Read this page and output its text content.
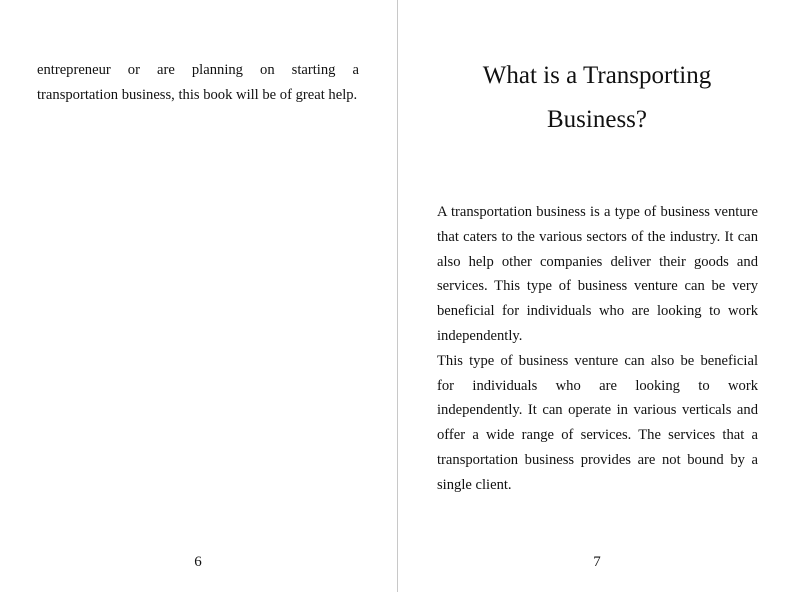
entrepreneur or are planning on starting a transportation business, this book will be of great help.

6
What is a Transporting Business?

A transportation business is a type of business venture that caters to the various sectors of the industry. It can also help other companies deliver their goods and services. This type of business venture can be very beneficial for individuals who are looking to work independently.

This type of business venture can also be beneficial for individuals who are looking to work independently. It can operate in various verticals and offer a wide range of services. The services that a transportation business provides are not bound by a single client.

7
